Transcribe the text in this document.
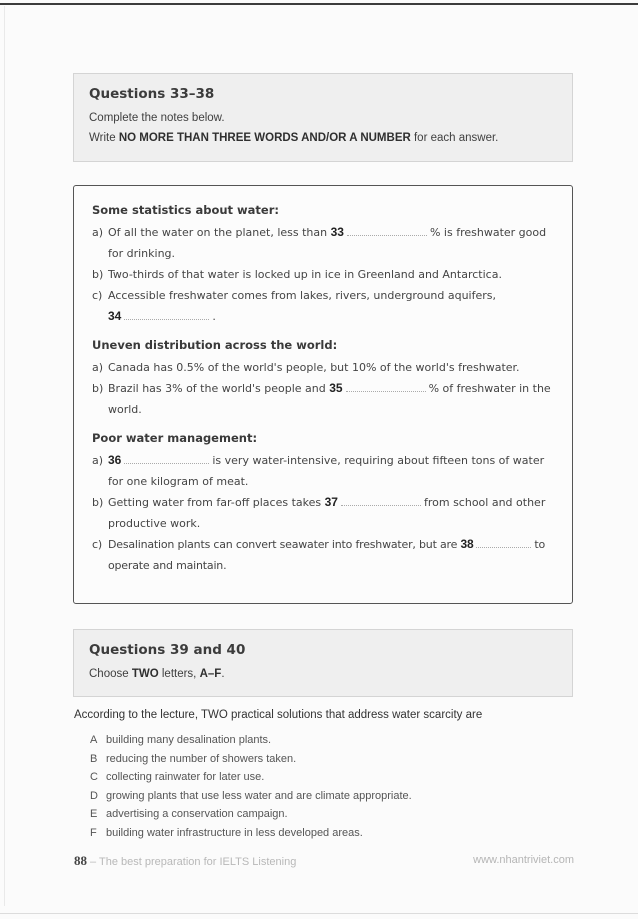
Questions 33–38
Complete the notes below.
Write NO MORE THAN THREE WORDS AND/OR A NUMBER for each answer.
Some statistics about water:
a) Of all the water on the planet, less than 33	% is freshwater good for drinking.
b) Two-thirds of that water is locked up in ice in Greenland and Antarctica.
c) Accessible freshwater comes from lakes, rivers, underground aquifers,
34	.
Uneven distribution across the world:
a) Canada has 0.5% of the world's people, but 10% of the world's freshwater.
b) Brazil has 3% of the world's people and 35	% of freshwater in the world.
Poor water management:
a) 36	is very water-intensive, requiring about fifteen tons of water for one kilogram of meat.
b) Getting water from far-off places takes 37	from school and other productive work.
c) Desalination plants can convert seawater into freshwater, but are 38	to operate and maintain.
Questions 39 and 40
Choose TWO letters, A–F.
According to the lecture, TWO practical solutions that address water scarcity are
A building many desalination plants.
B reducing the number of showers taken.
C collecting rainwater for later use.
D growing plants that use less water and are climate appropriate.
E advertising a conservation campaign.
F building water infrastructure in less developed areas.
88 – The best preparation for IELTS Listening	www.nhantriviet.com
